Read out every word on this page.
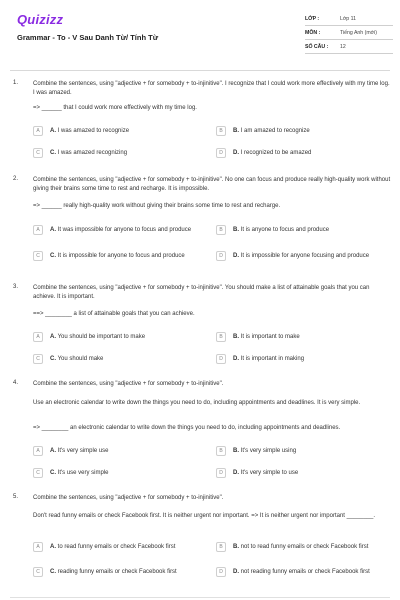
Quizizz
Grammar - To - V Sau Danh Từ/ Tính Từ
LỚP :	Lớp 11
MÔN :	Tiếng Anh (mới)
SỐ CÂU :	12
1. Combine the sentences, using "adjective + for somebody + to-injinitive". I recognize that I could work more effectively with my time log. I was amazed.
=> ______ that I could work more effectively with my time log.
A	A. I was amazed to recognize	B	B. I am amazed to recognize
C	C. I was amazed recognizing	D	D. I recognized to be amazed
2. Combine the sentences, using "adjective + for somebody + to-injinitive". No one can focus and produce really high-quality work without giving their brains some time to rest and recharge. It is impossible.
=> ______ really high-quality work without giving their brains some time to rest and recharge.
A	A. It was impossible for anyone to focus and produce	B	B. It is anyone to focus and produce
C	C. It is impossible for anyone to focus and produce	D	D. It is impossible for anyone focusing and produce
3. Combine the sentences, using "adjective + for somebody + to-injinitive". You should make a list of attainable goals that you can achieve. It is important.
==> ________ a list of attainable goals that you can achieve.
A	A. You should be important to make	B	B. It is important to make
C	C. You should make	D	D. It is important in making
4. Combine the sentences, using "adjective + for somebody + to-injinitive".
Use an electronic calendar to write down the things you need to do, including appointments and deadlines. It is very simple.
=> ________ an electronic calendar to write down the things you need to do, including appointments and deadlines.
A	A. It's very simple use	B	B. It's very simple using
C	C. It's use very simple	D	D. It's very simple to use
5. Combine the sentences, using "adjective + for somebody + to-injinitive".
Don't read funny emails or check Facebook first. It is neither urgent nor important. => It is neither urgent nor important ________.
A	A. to read funny emails or check Facebook first	B	B. not to read funny emails or check Facebook first
C	C. reading funny emails or check Facebook first	D	D. not reading funny emails or check Facebook first
